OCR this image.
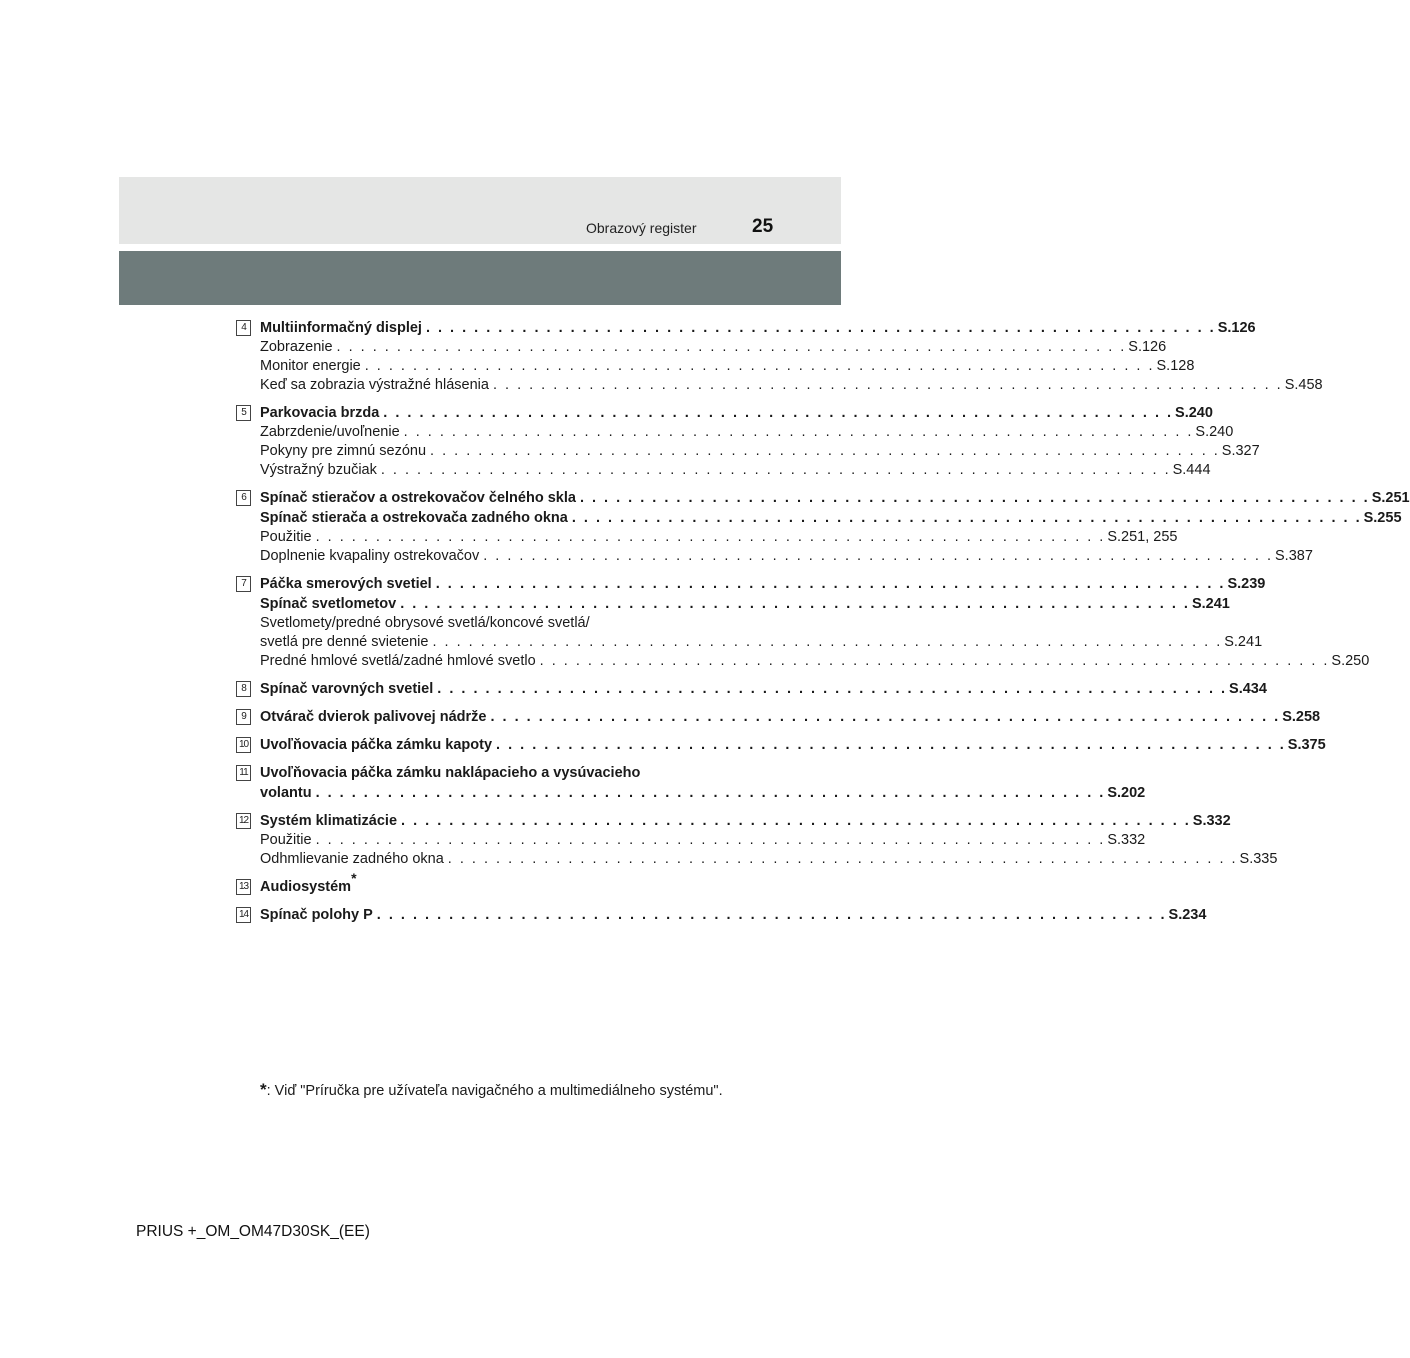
Obrazový register	25
4 Multiinformačný displej . . . . . . . . . . . . . . . . . . . . . . . . . . . . . . . . . . . . . . . . . . . . . . . . . . . . . . . . . . . . . . . . . . S.126
Zobrazenie . . . . . . . . . . . . . . . . . . . . . . . . . . . . . . . . . . . . . . . . . . . . . . . . . . . . . . . . . . . . . . . . . . S.126
Monitor energie . . . . . . . . . . . . . . . . . . . . . . . . . . . . . . . . . . . . . . . . . . . . . . . . . . . . . . . . . . . . . . . . . . S.128
Keď sa zobrazia výstražné hlásenia . . . . . . . . . . . . . . . . . . . . . . . . . . . . . . . . . . . . . . . . . . . . . . . . . . . . . . . . . . . . . . . . . . S.458
5 Parkovacia brzda . . . . . . . . . . . . . . . . . . . . . . . . . . . . . . . . . . . . . . . . . . . . . . . . . . . . . . . . . . . . . . . . . . S.240
Zabrzdenie/uvoľnenie . . . . . . . . . . . . . . . . . . . . . . . . . . . . . . . . . . . . . . . . . . . . . . . . . . . . . . . . . . . . . . . . . . S.240
Pokyny pre zimnú sezónu . . . . . . . . . . . . . . . . . . . . . . . . . . . . . . . . . . . . . . . . . . . . . . . . . . . . . . . . . . . . . . . . . . S.327
Výstražný bzučiak . . . . . . . . . . . . . . . . . . . . . . . . . . . . . . . . . . . . . . . . . . . . . . . . . . . . . . . . . . . . . . . . . . S.444
6 Spínač stieračov a ostrekovačov čelného skla . . . . . . . . . . . . . . . . . . . . . . . . . . . . . . . . . . . . . . . . . . . . . . . . . . . . . . . . . . . . . . . . . . S.251
Spínač stierača a ostrekovača zadného okna . . . . . . . . . . . . . . . . . . . . . . . . . . . . . . . . . . . . . . . . . . . . . . . . . . . . . . . . . . . . . . . . . . S.255
Použitie . . . . . . . . . . . . . . . . . . . . . . . . . . . . . . . . . . . . . . . . . . . . . . . . . . . . . . . . . . . . . . . . . . S.251, 255
Doplnenie kvapaliny ostrekovačov . . . . . . . . . . . . . . . . . . . . . . . . . . . . . . . . . . . . . . . . . . . . . . . . . . . . . . . . . . . . . . . . . . S.387
7 Páčka smerových svetiel . . . . . . . . . . . . . . . . . . . . . . . . . . . . . . . . . . . . . . . . . . . . . . . . . . . . . . . . . . . . . . . . . . S.239
Spínač svetlometov . . . . . . . . . . . . . . . . . . . . . . . . . . . . . . . . . . . . . . . . . . . . . . . . . . . . . . . . . . . . . . . . . . S.241
Svetlomety/predné obrysové svetlá/koncové svetlá/
svetlá pre denné svietenie . . . . . . . . . . . . . . . . . . . . . . . . . . . . . . . . . . . . . . . . . . . . . . . . . . . . . . . . . . . . . . . . . . S.241
Predné hmlové svetlá/zadné hmlové svetlo . . . . . . . . . . . . . . . . . . . . . . . . . . . . . . . . . . . . . . . . . . . . . . . . . . . . . . . . . . . . . . . . . . S.250
8 Spínač varovných svetiel . . . . . . . . . . . . . . . . . . . . . . . . . . . . . . . . . . . . . . . . . . . . . . . . . . . . . . . . . . . . . . . . . . S.434
9 Otvárač dvierok palivovej nádrže . . . . . . . . . . . . . . . . . . . . . . . . . . . . . . . . . . . . . . . . . . . . . . . . . . . . . . . . . . . . . . . . . . S.258
10 Uvoľňovacia páčka zámku kapoty . . . . . . . . . . . . . . . . . . . . . . . . . . . . . . . . . . . . . . . . . . . . . . . . . . . . . . . . . . . . . . . . . . S.375
11 Uvoľňovacia páčka zámku naklápacieho a vysúvacieho
volantu . . . . . . . . . . . . . . . . . . . . . . . . . . . . . . . . . . . . . . . . . . . . . . . . . . . . . . . . . . . . . . . . . . S.202
12 Systém klimatizácie . . . . . . . . . . . . . . . . . . . . . . . . . . . . . . . . . . . . . . . . . . . . . . . . . . . . . . . . . . . . . . . . . . S.332
Použitie . . . . . . . . . . . . . . . . . . . . . . . . . . . . . . . . . . . . . . . . . . . . . . . . . . . . . . . . . . . . . . . . . . S.332
Odhmlievanie zadného okna . . . . . . . . . . . . . . . . . . . . . . . . . . . . . . . . . . . . . . . . . . . . . . . . . . . . . . . . . . . . . . . . . . S.335
13 Audiosystém*
14 Spínač polohy P . . . . . . . . . . . . . . . . . . . . . . . . . . . . . . . . . . . . . . . . . . . . . . . . . . . . . . . . . . . . . . . . . . S.234
*: Viď "Príručka pre užívateľa navigačného a multimediálneho systému".
PRIUS +_OM_OM47D30SK_(EE)
